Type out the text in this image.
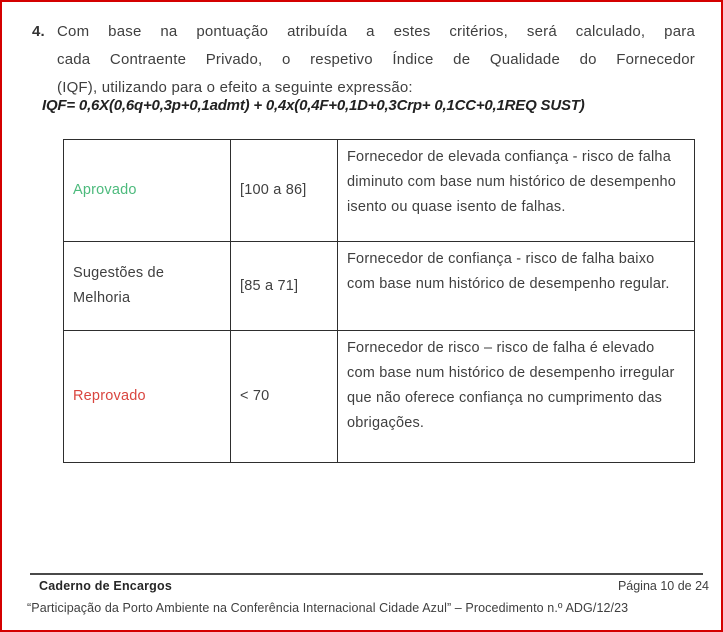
4. Com base na pontuação atribuída a estes critérios, será calculado, para
cada Contraente Privado, o respetivo Índice de Qualidade do Fornecedor
(IQF), utilizando para o efeito a seguinte expressão:
IQF= 0,6X(0,6q+0,3p+0,1admt) + 0,4x(0,4F+0,1D+0,3Crp+ 0,1CC+0,1REQ SUST)
Aprovado	[100 a 86]	Fornecedor de elevada confiança - risco de falha diminuto com base num histórico de desempenho isento ou quase isento de falhas.
Sugestões de Melhoria	[85 a 71]	Fornecedor de confiança - risco de falha baixo com base num histórico de desempenho regular.
Reprovado	< 70	Fornecedor de risco – risco de falha é elevado com base num histórico de desempenho irregular que não oferece confiança no cumprimento das obrigações.
Caderno de Encargos	Página 10 de 24
“Participação da Porto Ambiente na Conferência Internacional Cidade Azul” – Procedimento n.º ADG/12/23
